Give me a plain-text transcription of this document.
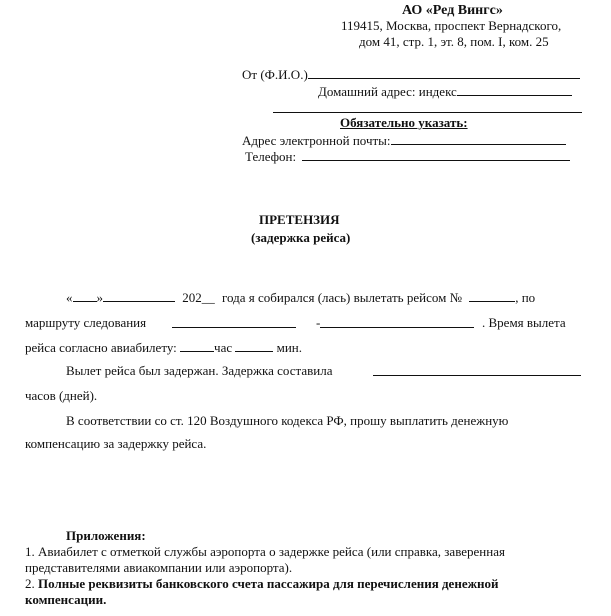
АО «Ред Вингс»
119415, Москва, проспект Вернадского,
дом 41, стр. 1, эт. 8, пом. I, ком. 25
От (Ф.И.О.)
Домашний адрес: индекс
Обязательно указать:
Адрес электронной почты:
Телефон:
ПРЕТЕНЗИЯ
(задержка рейса)
« »	202__ года я собирался (лась) вылетать рейсом №	, по
маршруту следования	-	. Время вылета
рейса согласно авиабилету:	час	мин.
Вылет рейса был задержан. Задержка составила
часов (дней).
В соответствии со ст. 120 Воздушного кодекса РФ, прошу выплатить денежную
компенсацию за задержку рейса.
Приложения:
1. Авиабилет с отметкой службы аэропорта о задержке рейса (или справка, заверенная
представителями авиакомпании или аэропорта).
2. Полные реквизиты банковского счета пассажира для перечисления денежной
компенсации.
